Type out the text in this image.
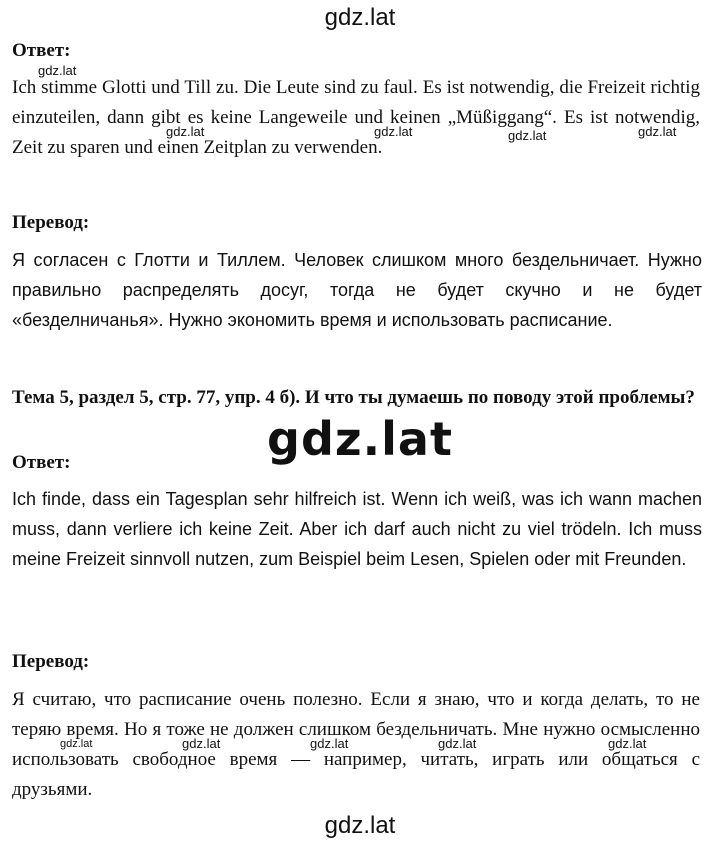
gdz.lat
Ответ:

Ich stimme Glotti und Till zu. Die Leute sind zu faul. Es ist notwendig, die Freizeit richtig einzuteilen, dann gibt es keine Langeweile und keinen „Müßiggang“. Es ist notwendig, Zeit zu sparen und einen Zeitplan zu verwenden.

Перевод:

Я согласен с Глотти и Тиллем. Человек слишком много бездельничает. Нужно правильно распределять досуг, тогда не будет скучно и не будет «безделничанья». Нужно экономить время и использовать расписание.

Тема 5, раздел 5, стр. 77, упр. 4 б). И что ты думаешь по поводу этой проблемы?

gdz.lat
Ответ:

Ich finde, dass ein Tagesplan sehr hilfreich ist. Wenn ich weiß, was ich wann machen muss, dann verliere ich keine Zeit. Aber ich darf auch nicht zu viel trödeln. Ich muss meine Freizeit sinnvoll nutzen, zum Beispiel beim Lesen, Spielen oder mit Freunden.

Перевод:

Я считаю, что расписание очень полезно. Если я знаю, что и когда делать, то не теряю время. Но я тоже не должен слишком бездельничать. Мне нужно осмысленно использовать свободное время — например, читать, играть или общаться с друзьями.

gdz.lat
gdz.lat	gdz.lat	gdz.lat	gdz.lat
gdz.lat	gdz.lat	gdz.lat	gdz.lat	gdz.lat
gdz.lat
